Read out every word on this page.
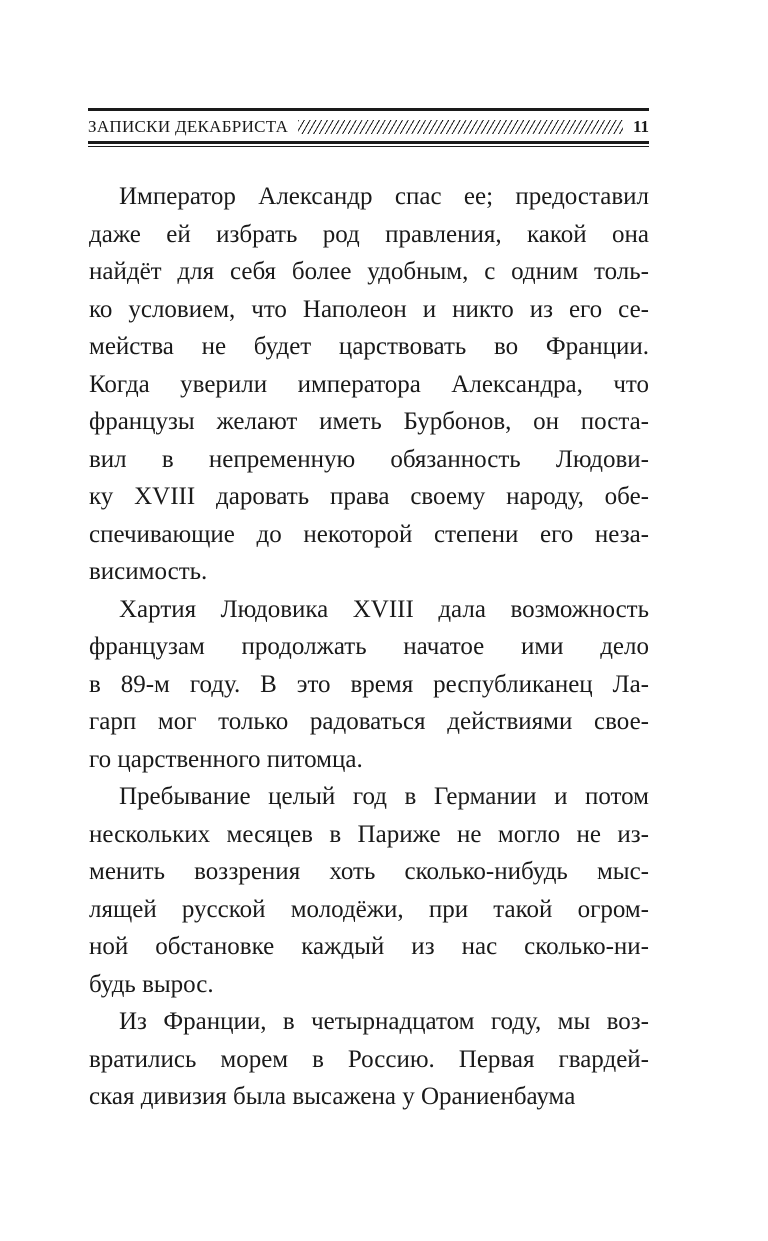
ЗАПИСКИ ДЕКАБРИСТА	11
Император Александр спас ее; предоставил
даже ей избрать род правления, какой она
найдёт для себя более удобным, с одним толь-
ко условием, что Наполеон и никто из его се-
мейства не будет царствовать во Франции.
Когда уверили императора Александра, что
французы желают иметь Бурбонов, он поста-
вил в непременную обязанность Людови-
ку XVIII даровать права своему народу, обе-
спечивающие до некоторой степени его неза-
висимость.
Хартия Людовика XVIII дала возможность
французам продолжать начатое ими дело
в 89-м году. В это время республиканец Ла-
гарп мог только радоваться действиями свое-
го царственного питомца.
Пребывание целый год в Германии и потом
нескольких месяцев в Париже не могло не из-
менить воззрения хоть сколько-нибудь мыс-
лящей русской молодёжи, при такой огром-
ной обстановке каждый из нас сколько-ни-
будь вырос.
Из Франции, в четырнадцатом году, мы воз-
вратились морем в Россию. Первая гвардей-
ская дивизия была высажена у Ораниенбаума
